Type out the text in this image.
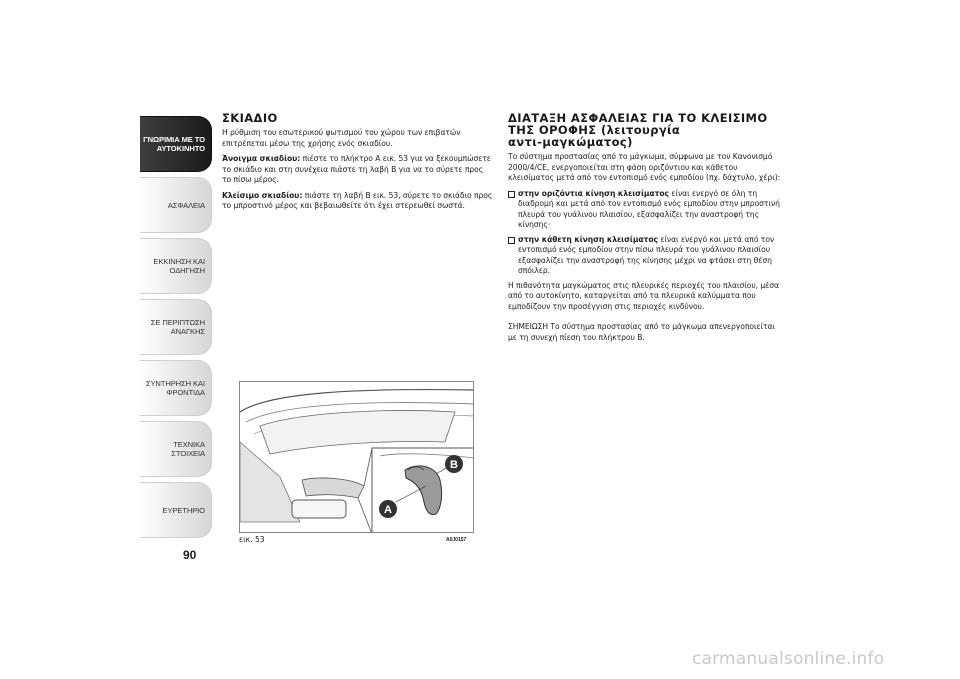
ΓΝΩΡΙΜΙΑ ΜΕ ΤΟ ΑΥΤΟΚΙΝΗΤΟ
ΑΣΦΑΛΕΙΑ
ΕΚΚΙΝΗΣΗ ΚΑΙ ΟΔΗΓΗΣΗ
ΣΕ ΠΕΡΙΠΤΩΣΗ ΑΝΑΓΚΗΣ
ΣΥΝΤΗΡΗΣΗ ΚΑΙ ΦΡΟΝΤΙΔΑ
ΤΕΧΝΙΚΑ ΣΤΟΙΧΕΙΑ
ΕΥΡΕΤΗΡΙΟ
90
ΣΚΙΑΔΙΟ

Η ρύθμιση του εσωτερικού φωτισμού του χώρου των επιβατών επιτρέπεται μέσω της χρήσης ενός σκιαδίου.

Άνοιγμα σκιαδίου: πιέστε το πλήκτρο A εικ. 53 για να ξεκουμπώσετε το σκιάδιο και στη συνέχεια πιάστε τη λαβή B για να το σύρετε προς το πίσω μέρος.

Κλείσιμο σκιαδίου: πιάστε τη λαβή B εικ. 53, σύρετε το σκιάδιο προς το μπροστινό μέρος και βεβαιωθείτε ότι έχει στερεωθεί σωστά.

A
B
εικ. 53	A0J0157
ΔΙΑΤΑΞΗ ΑΣΦΑΛΕΙΑΣ ΓΙΑ ΤΟ ΚΛΕΙΣΙΜΟ
ΤΗΣ ΟΡΟΦΗΣ (λειτουργία
αντι-μαγκώματος)

Το σύστημα προστασίας από το μάγκωμα, σύμφωνα με τον Κανονισμό 2000/4/CE, ενεργοποιείται στη φάση οριζόντιου και κάθετου κλεισίματος μετά από τον εντοπισμό ενός εμποδίου (πχ. δάχτυλο, χέρι):

στην οριζόντια κίνηση κλεισίματος είναι ενεργό σε όλη τη διαδρομή και μετά από τον εντοπισμό ενός εμποδίου στην μπροστινή πλευρά του γυάλινου πλαισίου, εξασφαλίζει την αναστροφή της κίνησης·

στην κάθετη κίνηση κλεισίματος είναι ενεργό και μετά από τον εντοπισμό ενός εμποδίου στην πίσω πλευρά του γυάλινου πλαισίου εξασφαλίζει την αναστροφή της κίνησης μέχρι να φτάσει στη θέση σπόιλερ.

Η πιθανότητα μαγκώματος στις πλευρικές περιοχές του πλαισίου, μέσα από το αυτοκίνητο, καταργείται από τα πλευρικά καλύμματα που εμποδίζουν την προσέγγιση στις περιοχές κινδύνου.

ΣΗΜΕΙΩΣΗ Το σύστημα προστασίας από το μάγκωμα απενεργοποιείται με τη συνεχή πίεση του πλήκτρου B.

carmanualsonline.info
